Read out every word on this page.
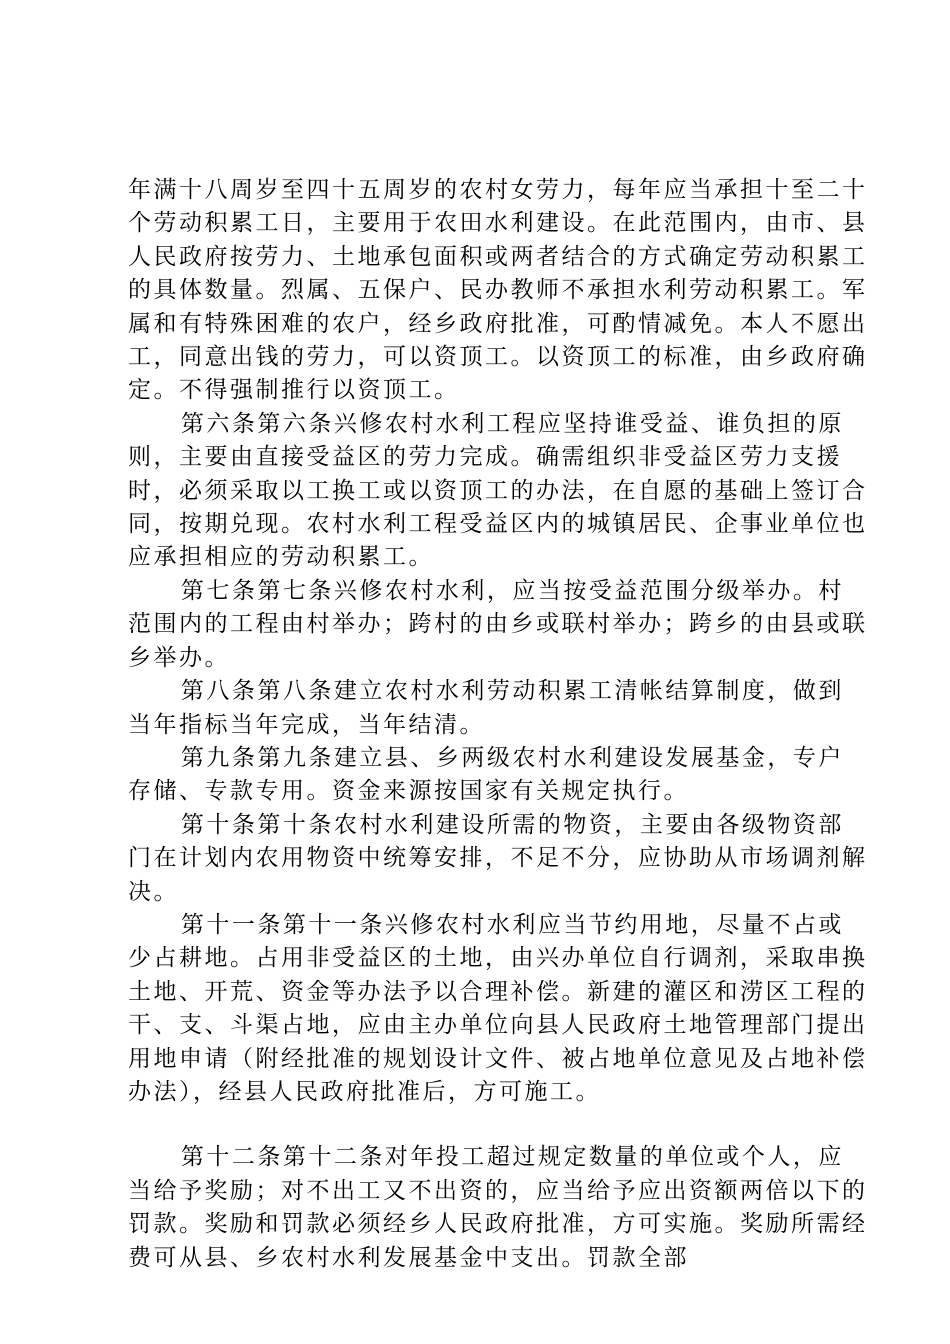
年满十八周岁至四十五周岁的农村女劳力，每年应当承担十至二十个劳动积累工日，主要用于农田水利建设。在此范围内，由市、县人民政府按劳力、土地承包面积或两者结合的方式确定劳动积累工的具体数量。烈属、五保户、民办教师不承担水利劳动积累工。军属和有特殊困难的农户，经乡政府批准，可酌情减免。本人不愿出工，同意出钱的劳力，可以资顶工。以资顶工的标准，由乡政府确定。不得强制推行以资顶工。

第六条第六条兴修农村水利工程应坚持谁受益、谁负担的原则，主要由直接受益区的劳力完成。确需组织非受益区劳力支援时，必须采取以工换工或以资顶工的办法，在自愿的基础上签订合同，按期兑现。农村水利工程受益区内的城镇居民、企事业单位也应承担相应的劳动积累工。

第七条第七条兴修农村水利，应当按受益范围分级举办。村范围内的工程由村举办；跨村的由乡或联村举办；跨乡的由县或联乡举办。

第八条第八条建立农村水利劳动积累工清帐结算制度，做到当年指标当年完成，当年结清。

第九条第九条建立县、乡两级农村水利建设发展基金，专户存储、专款专用。资金来源按国家有关规定执行。

第十条第十条农村水利建设所需的物资，主要由各级物资部门在计划内农用物资中统筹安排，不足不分，应协助从市场调剂解决。

第十一条第十一条兴修农村水利应当节约用地，尽量不占或少占耕地。占用非受益区的土地，由兴办单位自行调剂，采取串换土地、开荒、资金等办法予以合理补偿。新建的灌区和涝区工程的干、支、斗渠占地，应由主办单位向县人民政府土地管理部门提出用地申请（附经批准的规划设计文件、被占地单位意见及占地补偿办法），经县人民政府批准后，方可施工。

第十二条第十二条对年投工超过规定数量的单位或个人，应当给予奖励；对不出工又不出资的，应当给予应出资额两倍以下的罚款。奖励和罚款必须经乡人民政府批准，方可实施。奖励所需经费可从县、乡农村水利发展基金中支出。罚款全部
